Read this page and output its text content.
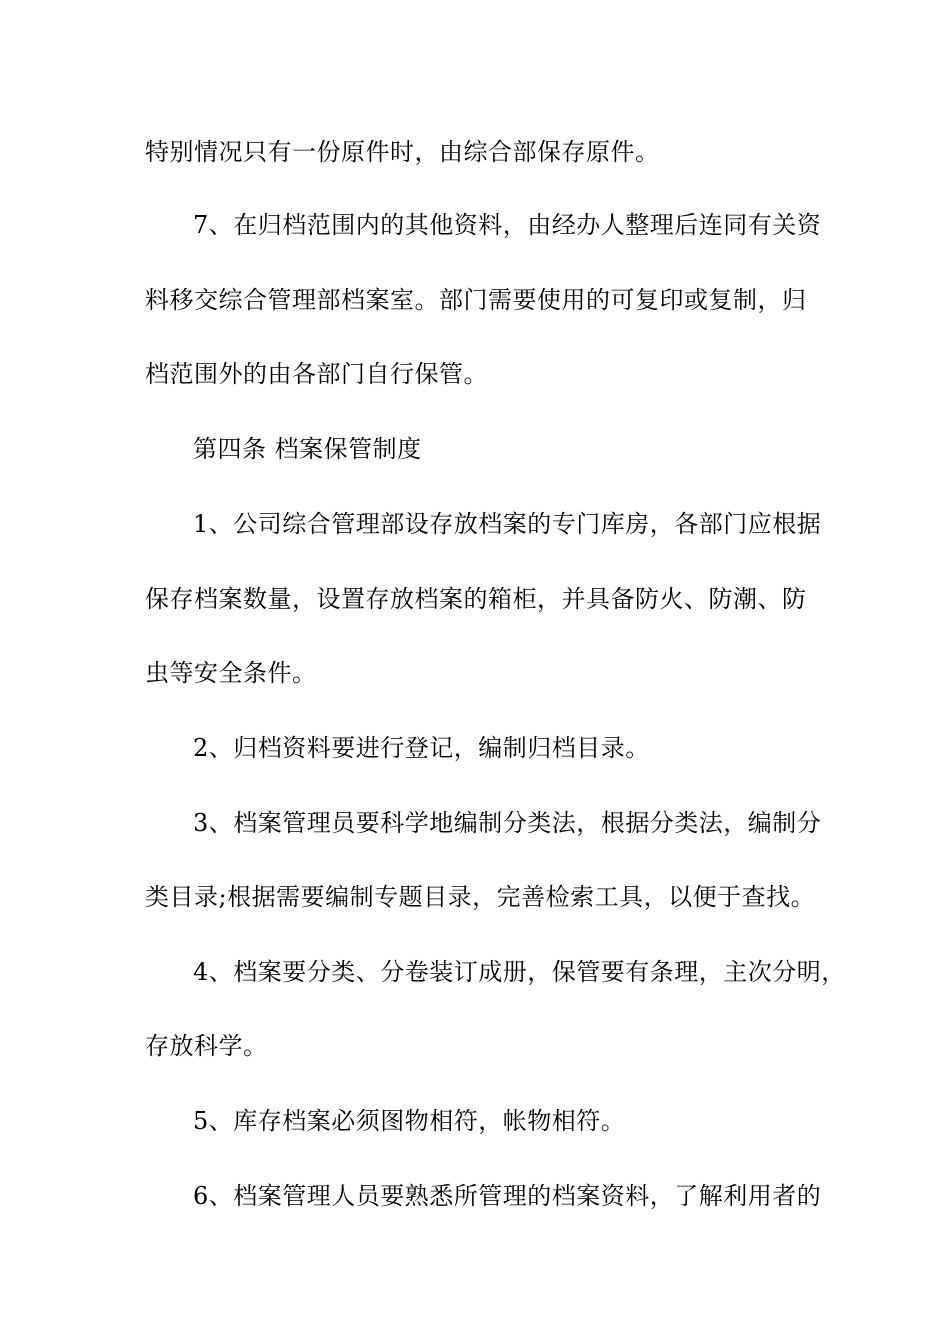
特别情况只有一份原件时，由综合部保存原件。
7、在归档范围内的其他资料，由经办人整理后连同有关资
料移交综合管理部档案室。部门需要使用的可复印或复制，归
档范围外的由各部门自行保管。
第四条 档案保管制度
1、公司综合管理部设存放档案的专门库房，各部门应根据
保存档案数量，设置存放档案的箱柜，并具备防火、防潮、防
虫等安全条件。
2、归档资料要进行登记，编制归档目录。
3、档案管理员要科学地编制分类法，根据分类法，编制分
类目录;根据需要编制专题目录，完善检索工具，以便于查找。
4、档案要分类、分卷装订成册，保管要有条理，主次分明，
存放科学。
5、库存档案必须图物相符，帐物相符。
6、档案管理人员要熟悉所管理的档案资料，了解利用者的
